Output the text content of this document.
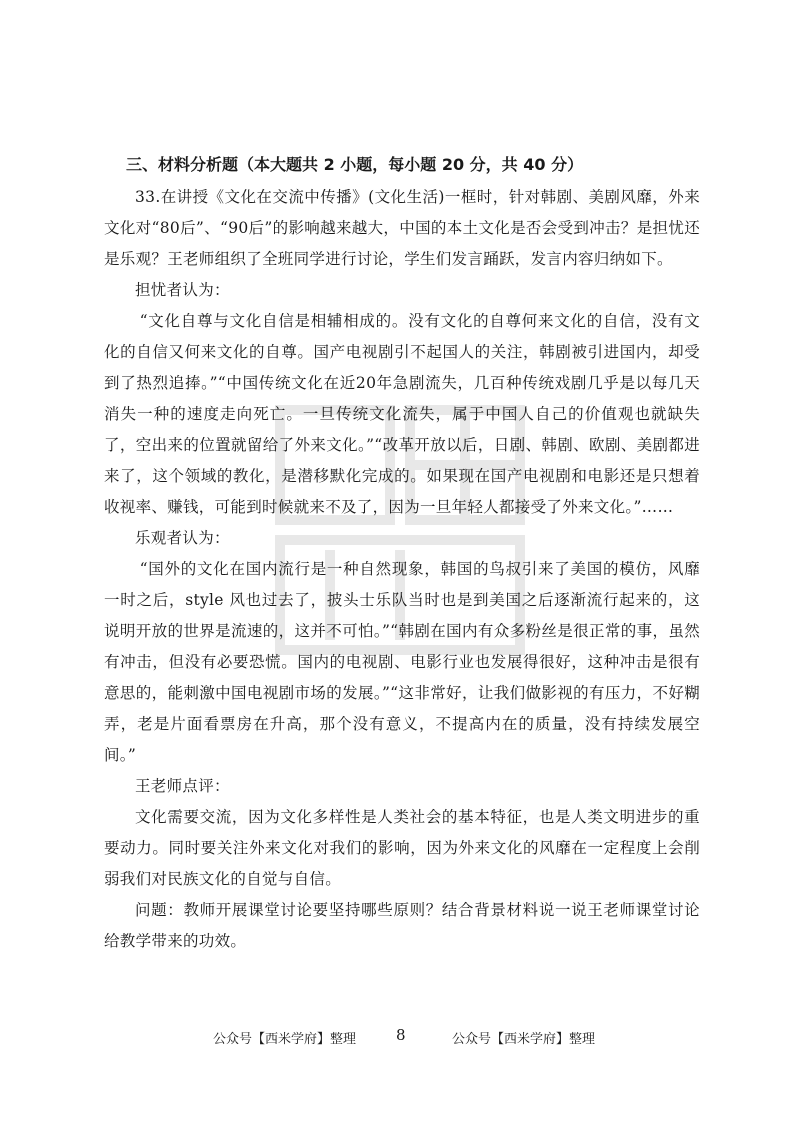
三、材料分析题（本大题共 2 小题，每小题 20 分，共 40 分）

33.在讲授《文化在交流中传播》(文化生活)一框时，针对韩剧、美剧风靡，外来文化对“80后”、“90后”的影响越来越大，中国的本土文化是否会受到冲击？是担忧还是乐观？王老师组织了全班同学进行讨论，学生们发言踊跃，发言内容归纳如下。

担忧者认为：

“文化自尊与文化自信是相辅相成的。没有文化的自尊何来文化的自信，没有文化的自信又何来文化的自尊。国产电视剧引不起国人的关注，韩剧被引进国内，却受到了热烈追捧。”“中国传统文化在近20年急剧流失，几百种传统戏剧几乎是以每几天消失一种的速度走向死亡。一旦传统文化流失，属于中国人自己的价值观也就缺失了，空出来的位置就留给了外来文化。”“改革开放以后，日剧、韩剧、欧剧、美剧都进来了，这个领域的教化，是潜移默化完成的。如果现在国产电视剧和电影还是只想着收视率、赚钱，可能到时候就来不及了，因为一旦年轻人都接受了外来文化。”……

乐观者认为：

“国外的文化在国内流行是一种自然现象，韩国的鸟叔引来了美国的模仿，风靡一时之后，style 风也过去了，披头士乐队当时也是到美国之后逐渐流行起来的，这说明开放的世界是流速的，这并不可怕。”“韩剧在国内有众多粉丝是很正常的事，虽然有冲击，但没有必要恐慌。国内的电视剧、电影行业也发展得很好，这种冲击是很有意思的，能刺激中国电视剧市场的发展。”“这非常好，让我们做影视的有压力，不好糊弄，老是片面看票房在升高，那个没有意义，不提高内在的质量，没有持续发展空间。”

王老师点评：

文化需要交流，因为文化多样性是人类社会的基本特征，也是人类文明进步的重要动力。同时要关注外来文化对我们的影响，因为外来文化的风靡在一定程度上会削弱我们对民族文化的自觉与自信。

问题：教师开展课堂讨论要坚持哪些原则？结合背景材料说一说王老师课堂讨论给教学带来的功效。

公众号【西米学府】整理	8	公众号【西米学府】整理
